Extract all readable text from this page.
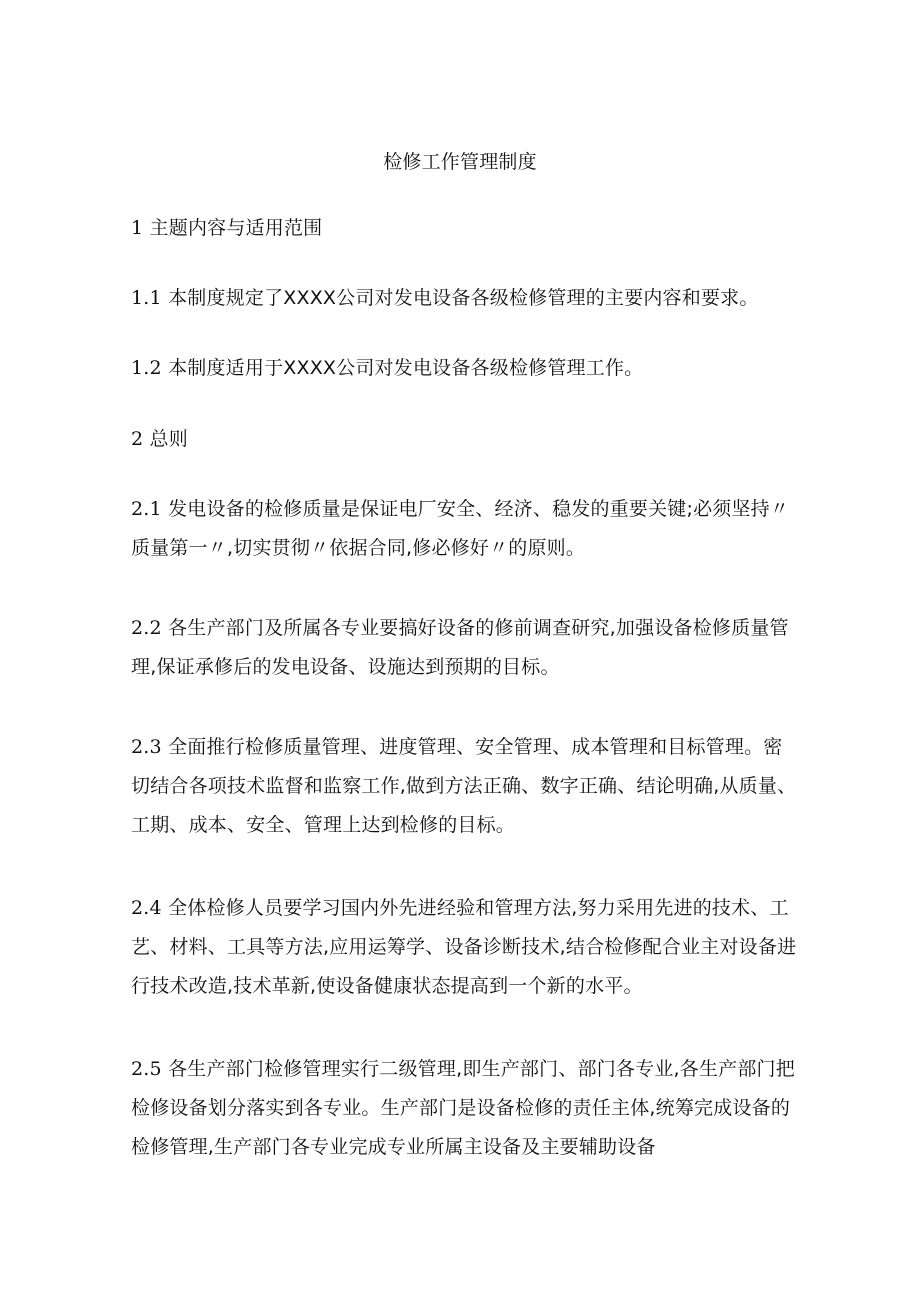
检修工作管理制度
1 主题内容与适用范围
1.1 本制度规定了XXXX公司对发电设备各级检修管理的主要内容和要求。
1.2 本制度适用于XXXX公司对发电设备各级检修管理工作。
2 总则
2.1 发电设备的检修质量是保证电厂安全、经济、稳发的重要关键;必须坚持〃质量第一〃,切实贯彻〃依据合同,修必修好〃的原则。
2.2 各生产部门及所属各专业要搞好设备的修前调查研究,加强设备检修质量管理,保证承修后的发电设备、设施达到预期的目标。
2.3 全面推行检修质量管理、进度管理、安全管理、成本管理和目标管理。密切结合各项技术监督和监察工作,做到方法正确、数字正确、结论明确,从质量、工期、成本、安全、管理上达到检修的目标。
2.4 全体检修人员要学习国内外先进经验和管理方法,努力采用先进的技术、工艺、材料、工具等方法,应用运筹学、设备诊断技术,结合检修配合业主对设备进行技术改造,技术革新,使设备健康状态提高到一个新的水平。
2.5 各生产部门检修管理实行二级管理,即生产部门、部门各专业,各生产部门把检修设备划分落实到各专业。生产部门是设备检修的责任主体,统筹完成设备的检修管理,生产部门各专业完成专业所属主设备及主要辅助设备
